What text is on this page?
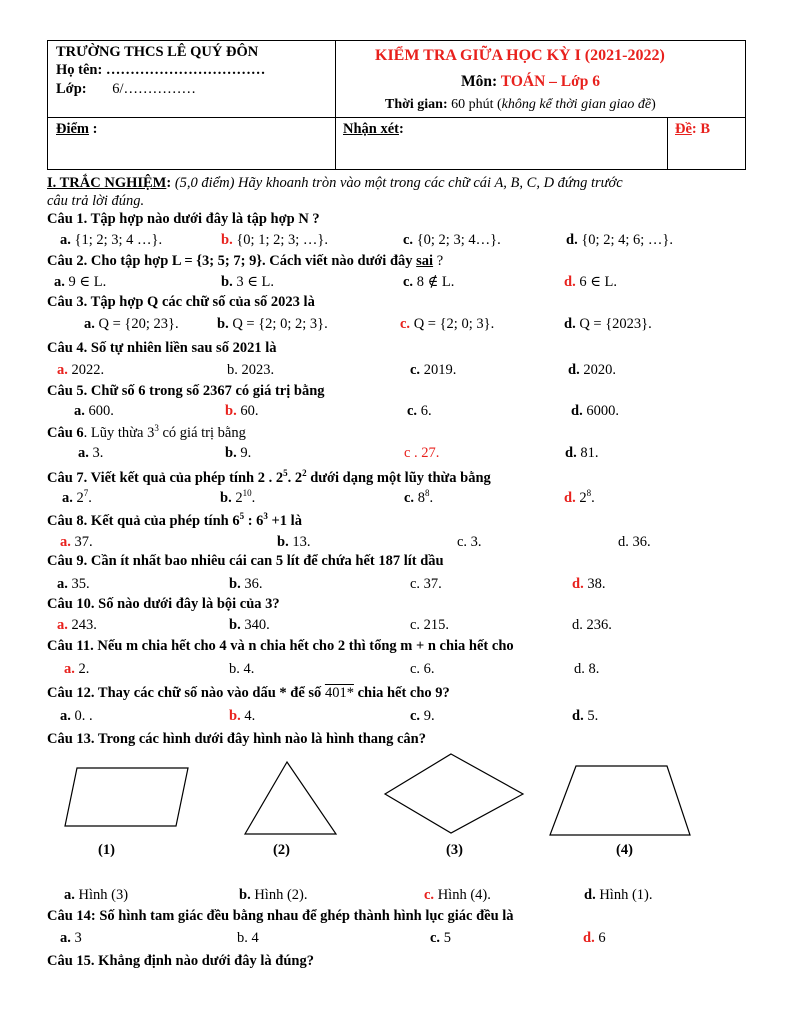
TRƯỜNG THCS LÊ QUÝ ĐÔN
Họ tên: ……………………………
Lớp: 6/……………
KIỂM TRA GIỮA HỌC KỲ I (2021-2022)
Môn: TOÁN – Lớp 6
Thời gian: 60 phút (không kể thời gian giao đề)
Điểm :	Nhận xét:	Đề: B
I. TRẮC NGHIỆM: (5,0 điểm) Hãy khoanh tròn vào một trong các chữ cái A, B, C, D đứng trước
câu trả lời đúng.
Câu 1. Tập hợp nào dưới đây là tập hợp N ?
a. {1; 2; 3; 4 …}.	b. {0; 1; 2; 3; …}.	c. {0; 2; 3; 4…}.	d. {0; 2; 4; 6; …}.
Câu 2. Cho tập hợp L = {3; 5; 7; 9}. Cách viết nào dưới đây sai ?
a. 9 ∈ L.	b. 3 ∈ L.	c. 8 ∉ L.	d. 6 ∈ L.
Câu 3. Tập hợp Q các chữ số của số 2023 là
a. Q = {20; 23}.	b. Q = {2; 0; 2; 3}.	c. Q = {2; 0; 3}.	d. Q = {2023}.
Câu 4. Số tự nhiên liền sau số 2021 là
a. 2022.	b. 2023.	c. 2019.	d. 2020.
Câu 5. Chữ số 6 trong số 2367 có giá trị bằng
a. 600.	b. 60.	c. 6.	d. 6000.
Câu 6. Lũy thừa $3^3$ có giá trị bằng
a. 3.	b. 9.	c . 27.	d. 81.
Câu 7. Viết kết quả của phép tính 2 . $2^5$. $2^2$ dưới dạng một lũy thừa bằng
a. $2^7$.	b. $2^{10}$.	c. $8^8$.	d. $2^8$.
Câu 8. Kết quả của phép tính $6^5$ : $6^3 +1$ là
a. 37.	b. 13.	c. 3.	d. 36.
Câu 9. Cần ít nhất bao nhiêu cái can 5 lít để chứa hết 187 lít dầu
a. 35.	b. 36.	c. 37.	d. 38.
Câu 10. Số nào dưới đây là bội của 3?
a. 243.	b. 340.	c. 215.	d. 236.
Câu 11. Nếu m chia hết cho 4 và n chia hết cho 2 thì tổng m + n chia hết cho
a. 2.	b. 4.	c. 6.	d. 8.
Câu 12. Thay các chữ số nào vào dấu * để số 401* chia hết cho 9?
a. 0. .	b. 4.	c. 9.	d. 5.
Câu 13. Trong các hình dưới đây hình nào là hình thang cân?
(1)	(2)	(3)	(4)
a. Hình (3)	b. Hình (2).	c. Hình (4).	d. Hình (1).
Câu 14: Số hình tam giác đều bằng nhau để ghép thành hình lục giác đều là
a. 3	b. 4	c. 5	d. 6
Câu 15. Khẳng định nào dưới đây là đúng?
